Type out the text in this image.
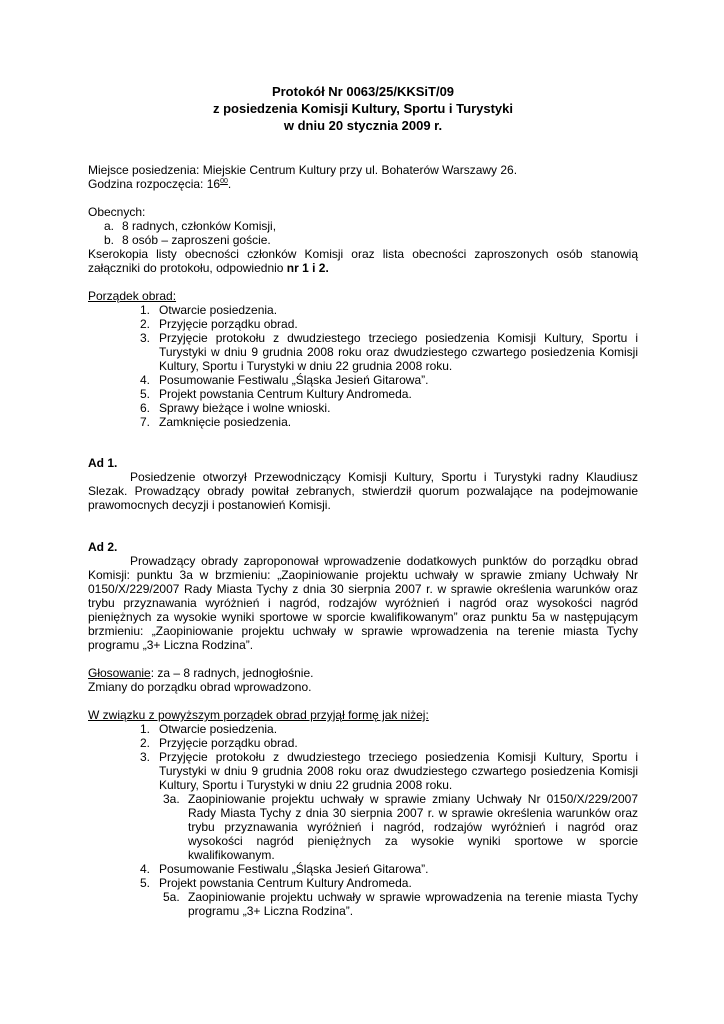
Protokół Nr 0063/25/KKSiT/09
z posiedzenia Komisji Kultury, Sportu i Turystyki
w dniu 20 stycznia 2009 r.

Miejsce posiedzenia: Miejskie Centrum Kultury przy ul. Bohaterów Warszawy 26.

Godzina rozpoczęcia: $16^{00}$.

Obecnych:

a. 8 radnych, członków Komisji,
b. 8 osób – zaproszeni goście.

Kserokopia listy obecności członków Komisji oraz lista obecności zaproszonych osób stanowią załączniki do protokołu, odpowiednio nr 1 i 2.

Porządek obrad:

1. Otwarcie posiedzenia.
2. Przyjęcie porządku obrad.
3. Przyjęcie protokołu z dwudziestego trzeciego posiedzenia Komisji Kultury, Sportu i Turystyki w dniu 9 grudnia 2008 roku oraz dwudziestego czwartego posiedzenia Komisji Kultury, Sportu i Turystyki w dniu 22 grudnia 2008 roku.
4. Posumowanie Festiwalu „Śląska Jesień Gitarowa”.
5. Projekt powstania Centrum Kultury Andromeda.
6. Sprawy bieżące i wolne wnioski.
7. Zamknięcie posiedzenia.

Ad 1.

Posiedzenie otworzył Przewodniczący Komisji Kultury, Sportu i Turystyki radny Klaudiusz Slezak. Prowadzący obrady powitał zebranych, stwierdził quorum pozwalające na podejmowanie prawomocnych decyzji i postanowień Komisji.

Ad 2.

Prowadzący obrady zaproponował wprowadzenie dodatkowych punktów do porządku obrad Komisji: punktu 3a w brzmieniu: „Zaopiniowanie projektu uchwały w sprawie zmiany Uchwały Nr 0150/X/229/2007 Rady Miasta Tychy z dnia 30 sierpnia 2007 r. w sprawie określenia warunków oraz trybu przyznawania wyróżnień i nagród, rodzajów wyróżnień i nagród oraz wysokości nagród pieniężnych za wysokie wyniki sportowe w sporcie kwalifikowanym” oraz punktu 5a w następującym brzmieniu: „Zaopiniowanie projektu uchwały w sprawie wprowadzenia na terenie miasta Tychy programu „3+ Liczna Rodzina”.

Głosowanie: za – 8 radnych, jednogłośnie.

Zmiany do porządku obrad wprowadzono.

W związku z powyższym porządek obrad przyjął formę jak niżej:

1. Otwarcie posiedzenia.
2. Przyjęcie porządku obrad.
3. Przyjęcie protokołu z dwudziestego trzeciego posiedzenia Komisji Kultury, Sportu i Turystyki w dniu 9 grudnia 2008 roku oraz dwudziestego czwartego posiedzenia Komisji Kultury, Sportu i Turystyki w dniu 22 grudnia 2008 roku.
3a. Zaopiniowanie projektu uchwały w sprawie zmiany Uchwały Nr 0150/X/229/2007 Rady Miasta Tychy z dnia 30 sierpnia 2007 r. w sprawie określenia warunków oraz trybu przyznawania wyróżnień i nagród, rodzajów wyróżnień i nagród oraz wysokości nagród pieniężnych za wysokie wyniki sportowe w sporcie kwalifikowanym.
4. Posumowanie Festiwalu „Śląska Jesień Gitarowa”.
5. Projekt powstania Centrum Kultury Andromeda.
5a. Zaopiniowanie projektu uchwały w sprawie wprowadzenia na terenie miasta Tychy programu „3+ Liczna Rodzina”.
